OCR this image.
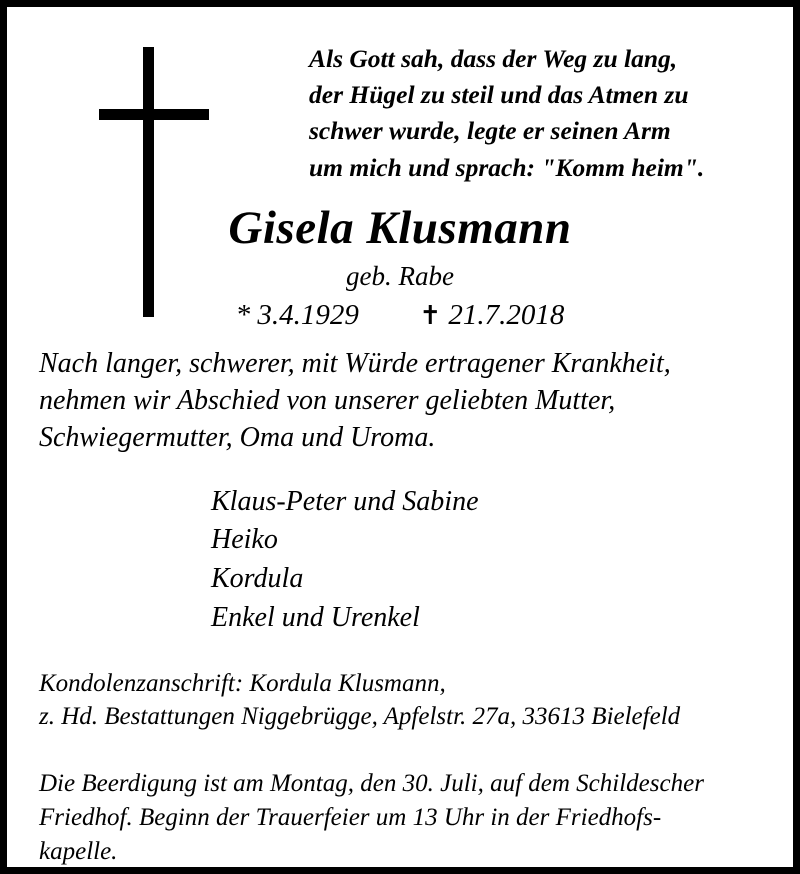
Als Gott sah, dass der Weg zu lang,
der Hügel zu steil und das Atmen zu
schwer wurde, legte er seinen Arm
um mich und sprach: "Komm heim".
Gisela Klusmann
geb. Rabe
* 3.4.1929 ✝ 21.7.2018
Nach langer, schwerer, mit Würde ertragener Krankheit,
nehmen wir Abschied von unserer geliebten Mutter,
Schwiegermutter, Oma und Uroma.
Klaus-Peter und Sabine
Heiko
Kordula
Enkel und Urenkel
Kondolenzanschrift: Kordula Klusmann,
z. Hd. Bestattungen Niggebrügge, Apfelstr. 27a, 33613 Bielefeld
Die Beerdigung ist am Montag, den 30. Juli, auf dem Schildescher
Friedhof. Beginn der Trauerfeier um 13 Uhr in der Friedhofs-
kapelle.
